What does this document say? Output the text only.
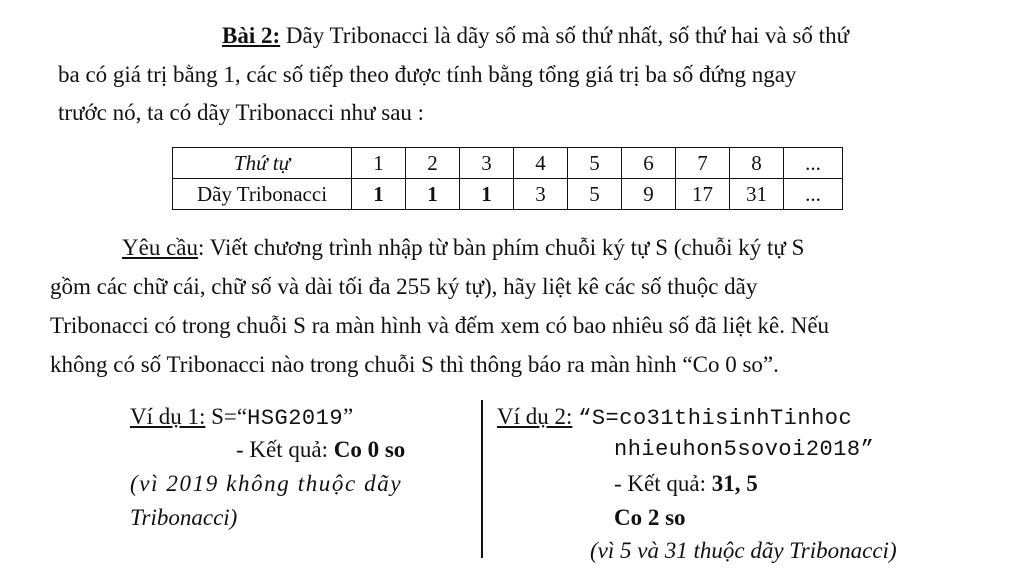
Bài 2: Dãy Tribonacci là dãy số mà số thứ nhất, số thứ hai và số thứ
ba có giá trị bằng 1, các số tiếp theo được tính bằng tổng giá trị ba số đứng ngay
trước nó, ta có dãy Tribonacci như sau :
Thứ tự	1	2	3	4	5	6	7	8	...
Dãy Tribonacci	1	1	1	3	5	9	17	31	...
Yêu cầu: Viết chương trình nhập từ bàn phím chuỗi ký tự S (chuỗi ký tự S
gồm các chữ cái, chữ số và dài tối đa 255 ký tự), hãy liệt kê các số thuộc dãy
Tribonacci có trong chuỗi S ra màn hình và đếm xem có bao nhiêu số đã liệt kê. Nếu
không có số Tribonacci nào trong chuỗi S thì thông báo ra màn hình “Co 0 so”.
Ví dụ 1: S=“HSG2019”
- Kết quả: Co 0 so
(vì 2019 không thuộc dãy
Tribonacci)
Ví dụ 2: “S=co31thisinhTinhoc
nhieuhon5sovoi2018”
- Kết quả: 31, 5
Co 2 so
(vì 5 và 31 thuộc dãy Tribonacci)
